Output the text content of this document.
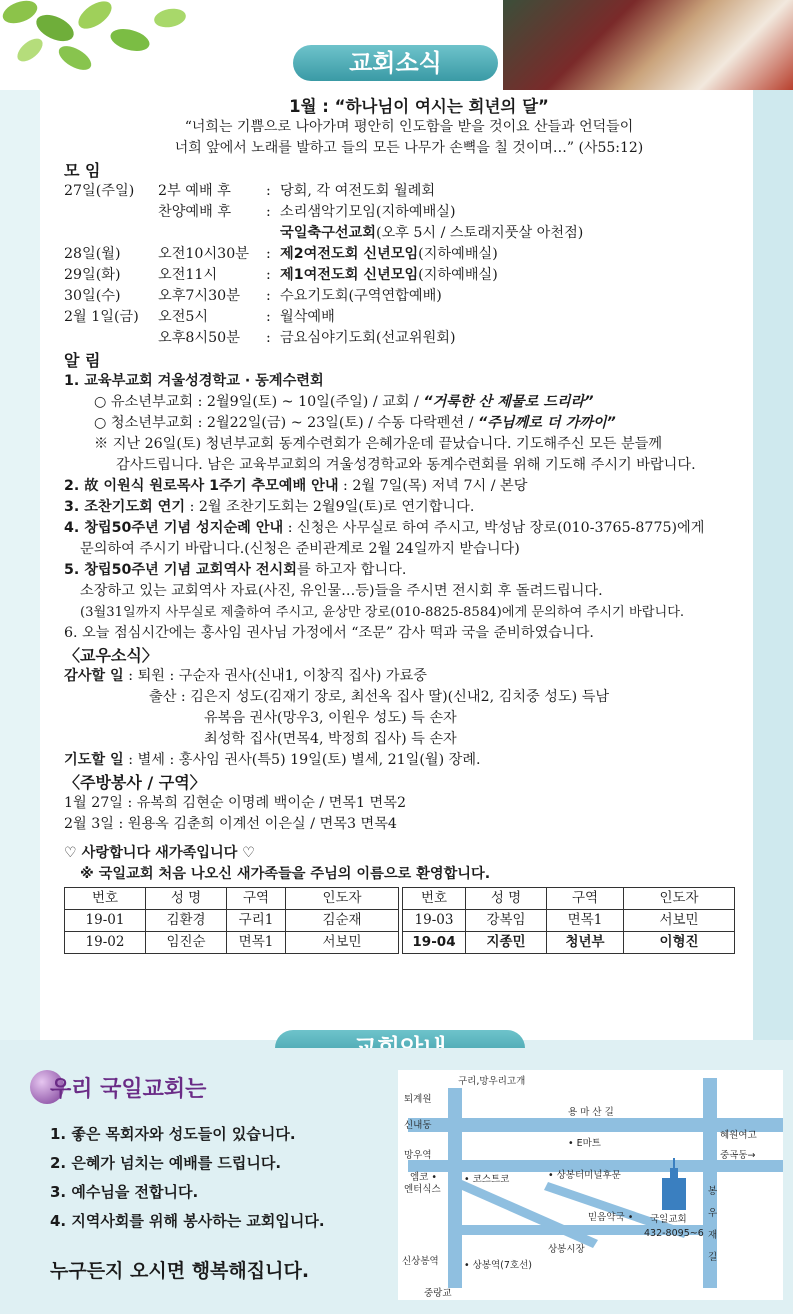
교회소식
1월 : “하나님이 여시는 희년의 달”
“너희는 기쁨으로 나아가며 평안히 인도함을 받을 것이요 산들과 언덕들이
너희 앞에서 노래를 발하고 들의 모든 나무가 손뼉을 칠 것이며…” (사55:12)
모 임
27일(주일)	2부 예배 후	: 당회, 각 여전도회 월례회
찬양예배 후	: 소리샘악기모임(지하예배실)
국일축구선교회(오후 5시 / 스토래지풋살 아천점)
28일(월)	오전10시30분	: 제2여전도회 신년모임(지하예배실)
29일(화)	오전11시	: 제1여전도회 신년모임(지하예배실)
30일(수)	오후7시30분	: 수요기도회(구역연합예배)
2월 1일(금)	오전5시	: 월삭예배
오후8시50분	: 금요심야기도회(선교위원회)
알 림
1. 교육부교회 겨울성경학교 · 동계수련회
○ 유소년부교회 : 2월9일(토) ~ 10일(주일) / 교회 / “거룩한 산 제물로 드리라”
○ 청소년부교회 : 2월22일(금) ~ 23일(토) / 수동 다락펜션 / “주님께로 더 가까이”
※ 지난 26일(토) 청년부교회 동계수련회가 은혜가운데 끝났습니다. 기도해주신 모든 분들께
감사드립니다. 남은 교육부교회의 겨울성경학교와 동계수련회를 위해 기도해 주시기 바랍니다.
2. 故 이원식 원로목사 1주기 추모예배 안내 : 2월 7일(목) 저녁 7시 / 본당
3. 조찬기도회 연기 : 2월 조찬기도회는 2월9일(토)로 연기합니다.
4. 창립50주년 기념 성지순례 안내 : 신청은 사무실로 하여 주시고, 박성남 장로(010-3765-8775)에게
문의하여 주시기 바랍니다.(신청은 준비관계로 2월 24일까지 받습니다)
5. 창립50주년 기념 교회역사 전시회를 하고자 합니다.
소장하고 있는 교회역사 자료(사진, 유인물…등)들을 주시면 전시회 후 돌려드립니다.
(3월31일까지 사무실로 제출하여 주시고, 윤상만 장로(010-8825-8584)에게 문의하여 주시기 바랍니다.
6. 오늘 점심시간에는 홍사임 권사님 가정에서 “조문” 감사 떡과 국을 준비하였습니다.
〈교우소식〉
감사할 일 : 퇴원 : 구순자 권사(신내1, 이창직 집사) 가료중
출산 : 김은지 성도(김재기 장로, 최선옥 집사 딸)(신내2, 김치중 성도) 득남
유복음 권사(망우3, 이원우 성도) 득 손자
최성학 집사(면목4, 박정희 집사) 득 손자
기도할 일 : 별세 : 홍사임 권사(특5) 19일(토) 별세, 21일(월) 장례.
〈주방봉사 / 구역〉
1월 27일 : 유복희 김현순 이명례 백이순 / 면목1 면목2
2월 3일 : 원용옥 김춘희 이계선 이은실 / 면목3 면목4
♡ 사랑합니다 새가족입니다 ♡
※ 국일교회 처음 나오신 새가족들을 주님의 이름으로 환영합니다.
번호	성 명	구역	인도자
19-01	김환경	구리1	김순재
19-02	임진순	면목1	서보민
번호	성 명	구역	인도자
19-03	강복임	면목1	서보민
19-04	지종민	청년부	이형진
우리 국일교회는
1. 좋은 목회자와 성도들이 있습니다.
2. 은혜가 넘치는 예배를 드립니다.
3. 예수님을 전합니다.
4. 지역사회를 위해 봉사하는 교회입니다.
누구든지 오시면 행복해집니다.
구리,망우리고개
퇴계원
용 마 산 길
신내동
• E마트
혜원여고
망우역	중곡동→
엠코 •
엔터식스
• 코스트코	• 상봉터미널후문
국일교회
432-8095~6
믿음약국 •
봉
우
재
길
상봉시장
신상봉역	• 상봉역(7호선)
중랑교
